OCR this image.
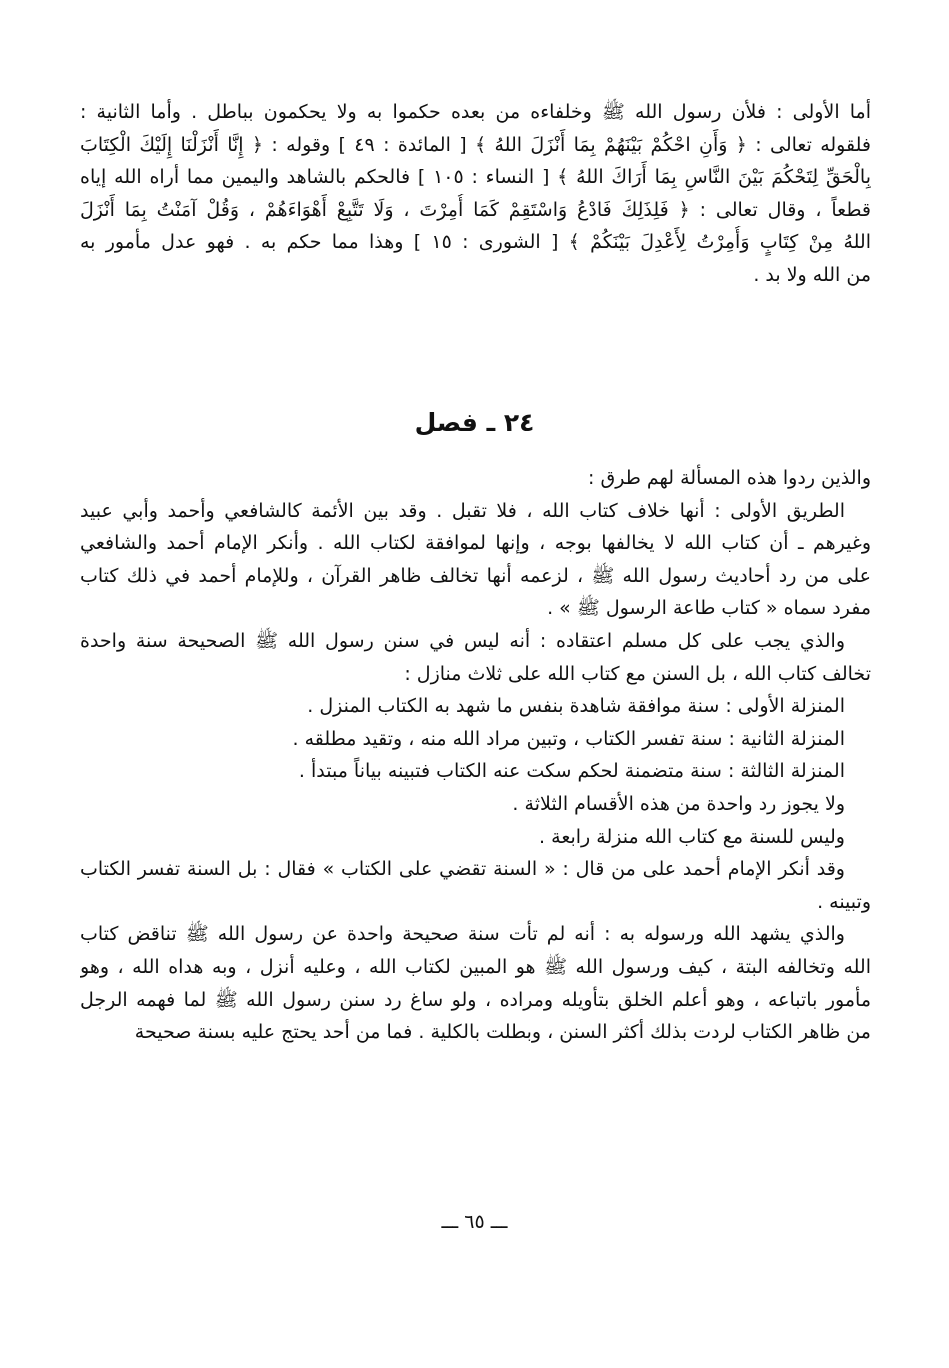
أما الأولى : فلأن رسول الله ﷺ وخلفاءه من بعده حكموا به ولا يحكمون بباطل . وأما الثانية :
فلقوله تعالى : ﴿ وَأَنِ احْكُمْ بَيْنَهُمْ بِمَا أَنْزَلَ اللهُ ﴾ [ المائدة : ٤٩ ] وقوله : ﴿ إِنَّا أَنْزَلْنَا إِلَيْكَ الْكِتَابَ
بِالْحَقِّ لِتَحْكُمَ بَيْنَ النَّاسِ بِمَا أَرَاكَ اللهُ ﴾ [ النساء : ١٠٥ ] فالحكم بالشاهد واليمين مما أراه الله إياه
قطعاً ، وقال تعالى : ﴿ فَلِذَلِكَ فَادْعُ وَاسْتَقِمْ كَمَا أُمِرْتَ ، وَلَا تَتَّبِعْ أَهْوَاءَهُمْ ، وَقُلْ آمَنْتُ بِمَا أَنْزَلَ
اللهُ مِنْ كِتَابٍ وَأُمِرْتُ لِأَعْدِلَ بَيْنَكُمْ ﴾ [ الشورى : ١٥ ] وهذا مما حكم به . فهو عدل مأمور به
من الله ولا بد .
٢٤ ـ فصل
والذين ردوا هذه المسألة لهم طرق :
الطريق الأولى : أنها خلاف كتاب الله ، فلا تقبل . وقد بين الأئمة كالشافعي وأحمد وأبي عبيد
وغيرهم ـ أن كتاب الله لا يخالفها بوجه ، وإنها لموافقة لكتاب الله . وأنكر الإمام أحمد والشافعي
على من رد أحاديث رسول الله ﷺ ، لزعمه أنها تخالف ظاهر القرآن ، وللإمام أحمد في ذلك كتاب
مفرد سماه « كتاب طاعة الرسول ﷺ » .
والذي يجب على كل مسلم اعتقاده : أنه ليس في سنن رسول الله ﷺ الصحيحة سنة واحدة
تخالف كتاب الله ، بل السنن مع كتاب الله على ثلاث منازل :
المنزلة الأولى : سنة موافقة شاهدة بنفس ما شهد به الكتاب المنزل .
المنزلة الثانية : سنة تفسر الكتاب ، وتبين مراد الله منه ، وتقيد مطلقه .
المنزلة الثالثة : سنة متضمنة لحكم سكت عنه الكتاب فتبينه بياناً مبتدأ .
ولا يجوز رد واحدة من هذه الأقسام الثلاثة .
وليس للسنة مع كتاب الله منزلة رابعة .
وقد أنكر الإمام أحمد على من قال : « السنة تقضي على الكتاب » فقال : بل السنة تفسر الكتاب
وتبينه .
والذي يشهد الله ورسوله به : أنه لم تأت سنة صحيحة واحدة عن رسول الله ﷺ تناقض كتاب
الله وتخالفه البتة ، كيف ورسول الله ﷺ هو المبين لكتاب الله ، وعليه أنزل ، وبه هداه الله ، وهو
مأمور باتباعه ، وهو أعلم الخلق بتأويله ومراده ، ولو ساغ رد سنن رسول الله ﷺ لما فهمه الرجل
من ظاهر الكتاب لردت بذلك أكثر السنن ، وبطلت بالكلية . فما من أحد يحتج عليه بسنة صحيحة
ـــ ٦٥ ـــ
